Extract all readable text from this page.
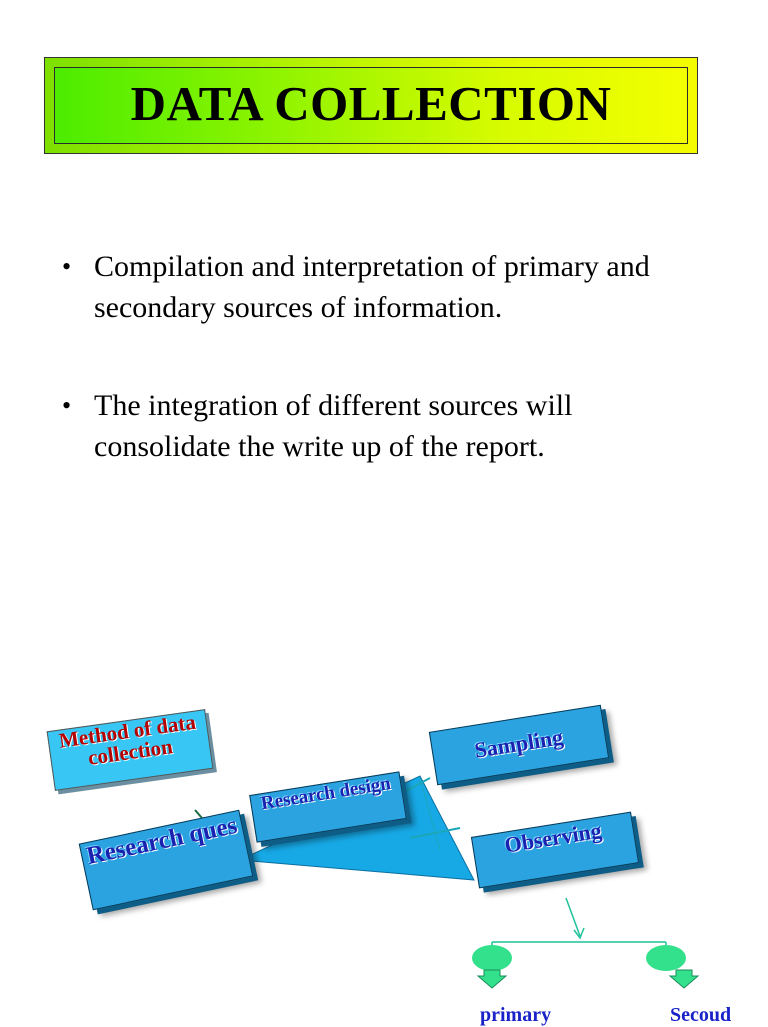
DATA COLLECTION
• Compilation and interpretation of primary and secondary sources of information.
• The integration of different sources will consolidate the write up of the report.
Method of data collection
Research design
Research ques
Sampling
Observing
primary	Secoud
